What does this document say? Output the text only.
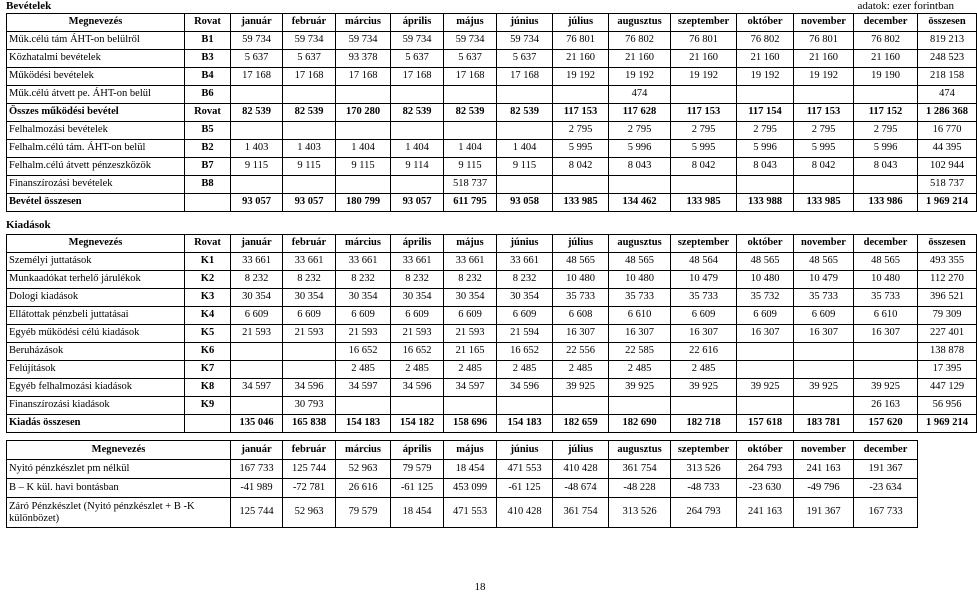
Bevételek	adatok: ezer forintban
Megnevezés	Rovat	január	február	március	április	május	június	július	augusztus	szeptember	október	november	december	összesen
Műk.célú tám ÁHT-on belülről	B1	59 734	59 734	59 734	59 734	59 734	59 734	76 801	76 802	76 801	76 802	76 801	76 802	819 213
Közhatalmi bevételek	B3	5 637	5 637	93 378	5 637	5 637	5 637	21 160	21 160	21 160	21 160	21 160	21 160	248 523
Működési bevételek	B4	17 168	17 168	17 168	17 168	17 168	17 168	19 192	19 192	19 192	19 192	19 192	19 190	218 158
Műk.célú átvett pe. ÁHT-on belül	B6								474					474
Összes működési bevétel	Rovat	82 539	82 539	170 280	82 539	82 539	82 539	117 153	117 628	117 153	117 154	117 153	117 152	1 286 368
Felhalmozási bevételek	B5							2 795	2 795	2 795	2 795	2 795	2 795	16 770
Felhalm.célú tám. ÁHT-on belül	B2	1 403	1 403	1 404	1 404	1 404	1 404	5 995	5 996	5 995	5 996	5 995	5 996	44 395
Felhalm.célú átvett pénzeszközök	B7	9 115	9 115	9 115	9 114	9 115	9 115	8 042	8 043	8 042	8 043	8 042	8 043	102 944
Finanszírozási bevételek	B8					518 737								518 737
Bevétel összesen		93 057	93 057	180 799	93 057	611 795	93 058	133 985	134 462	133 985	133 988	133 985	133 986	1 969 214
Kiadások
Megnevezés	Rovat	január	február	március	április	május	június	július	augusztus	szeptember	október	november	december	összesen
Személyi juttatások	K1	33 661	33 661	33 661	33 661	33 661	33 661	48 565	48 565	48 564	48 565	48 565	48 565	493 355
Munkaadókat terhelő járulékok	K2	8 232	8 232	8 232	8 232	8 232	8 232	10 480	10 480	10 479	10 480	10 479	10 480	112 270
Dologi kiadások	K3	30 354	30 354	30 354	30 354	30 354	30 354	35 733	35 733	35 733	35 732	35 733	35 733	396 521
Ellátottak pénzbeli juttatásai	K4	6 609	6 609	6 609	6 609	6 609	6 609	6 608	6 610	6 609	6 609	6 609	6 610	79 309
Egyéb működési célú kiadások	K5	21 593	21 593	21 593	21 593	21 593	21 594	16 307	16 307	16 307	16 307	16 307	16 307	227 401
Beruházások	K6			16 652	16 652	21 165	16 652	22 556	22 585	22 616				138 878
Felújítások	K7			2 485	2 485	2 485	2 485	2 485	2 485	2 485				17 395
Egyéb felhalmozási kiadások	K8	34 597	34 596	34 597	34 596	34 597	34 596	39 925	39 925	39 925	39 925	39 925	39 925	447 129
Finanszírozási kiadások	K9		30 793										26 163	56 956
Kiadás összesen		135 046	165 838	154 183	154 182	158 696	154 183	182 659	182 690	182 718	157 618	183 781	157 620	1 969 214
Megnevezés	január	február	március	április	május	június	július	augusztus	szeptember	október	november	december
Nyitó pénzkészlet pm nélkül	167 733	125 744	52 963	79 579	18 454	471 553	410 428	361 754	313 526	264 793	241 163	191 367
B – K kül. havi bontásban	-41 989	-72 781	26 616	-61 125	453 099	-61 125	-48 674	-48 228	-48 733	-23 630	-49 796	-23 634
Záró Pénzkészlet (Nyitó pénzkészlet + B -K különbözet)	125 744	52 963	79 579	18 454	471 553	410 428	361 754	313 526	264 793	241 163	191 367	167 733
18
